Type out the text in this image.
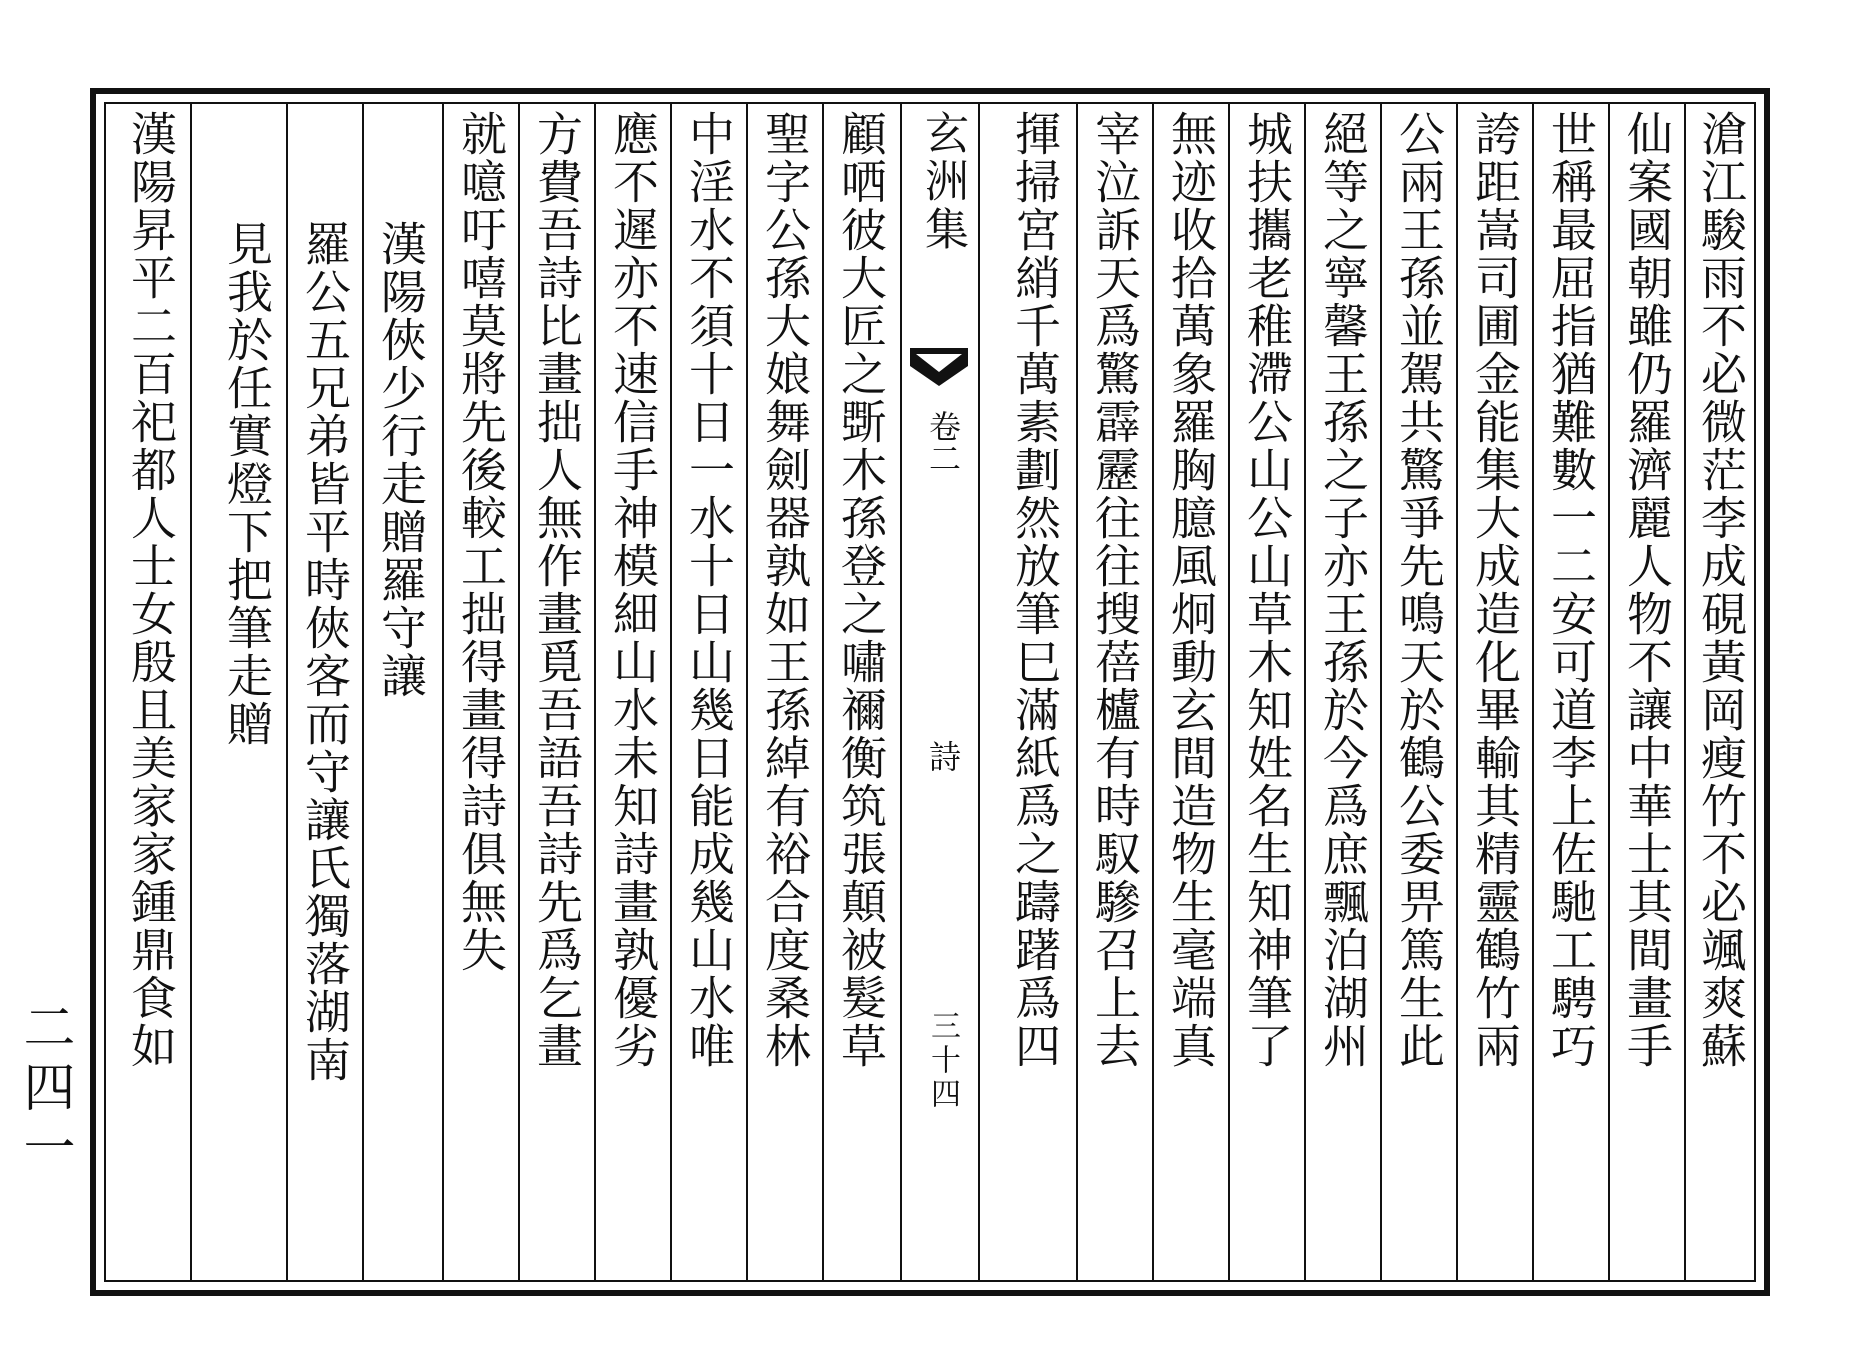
滄江駿雨不必微茫李成硯黃岡瘦竹不必颯爽蘇
仙案國朝雖仍羅濟麗人物不讓中華士其間畫手
世稱最屈指猶難數一二安可道李上佐馳工騁巧
誇距嵩司圃金能集大成造化畢輸其精靈鶴竹兩
公兩王孫並駕共驚爭先鳴天於鶴公委畀篤生此
絕等之寧馨王孫之子亦王孫於今爲庶飄泊湖州
城扶攜老稚滯公山公山草木知姓名生知神筆了
無迹收拾萬象羅胸臆風炯動玄間造物生毫端真
宰泣訴天爲驚霹靂往往搜蓓櫨有時馭驂召上去
揮掃宮綃千萬素劃然放筆巳滿紙爲之躊躇爲四
玄洲集
卷二
詩
三十四
顧哂彼大匠之斲木孫登之嘯禰衡筑張顛被髮草
聖字公孫大娘舞劍器孰如王孫綽有裕合度桑林
中淫水不須十日一水十日山幾日能成幾山水唯
應不遲亦不速信手神模細山水未知詩畫孰優劣
方費吾詩比畫拙人無作畫覓吾語吾詩先爲乞畫
就噫吁嘻莫將先後較工拙得畫得詩俱無失
漢陽俠少行走贈羅守讓
羅公五兄弟皆平時俠客而守讓氏獨落湖南
見我於任實燈下把筆走贈
漢陽昇平二百祀都人士女殷且美家家鍾鼎食如
二四一
